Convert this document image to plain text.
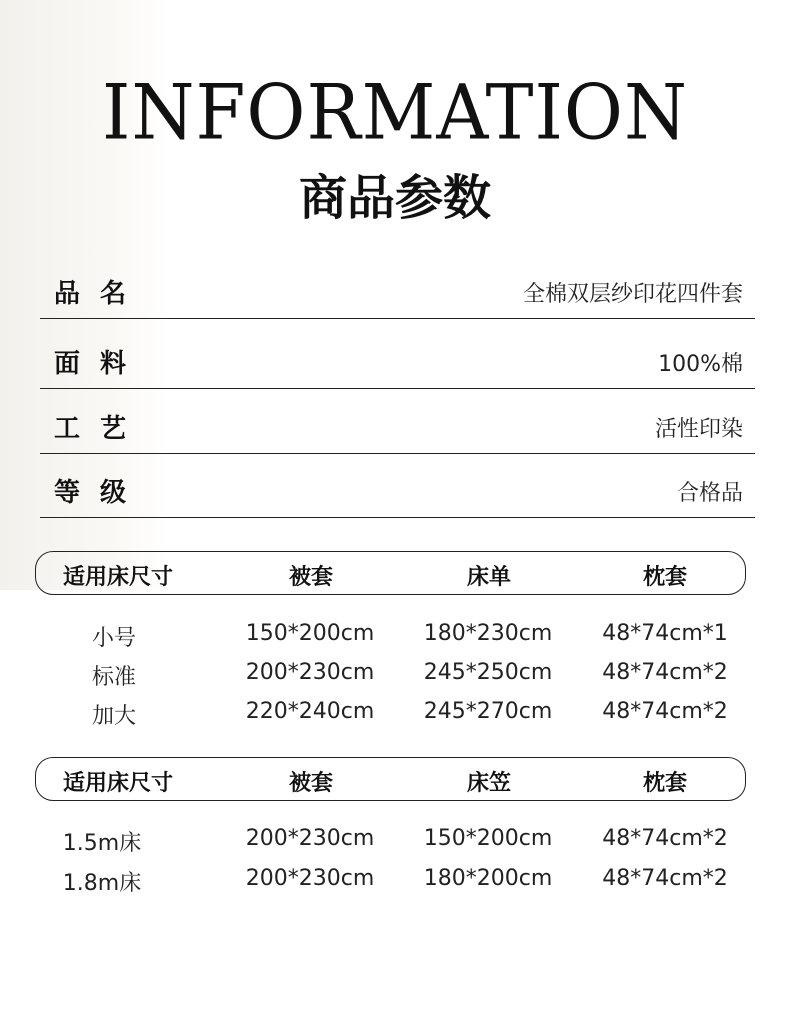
INFORMATION
商品参数
品名	全棉双层纱印花四件套
面料	100%棉
工艺	活性印染
等级	合格品
适用床尺寸	被套	床单	枕套
小号	150*200cm	180*230cm	48*74cm*1
标准	200*230cm	245*250cm	48*74cm*2
加大	220*240cm	245*270cm	48*74cm*2
适用床尺寸	被套	床笠	枕套
1.5m床	200*230cm	150*200cm	48*74cm*2
1.8m床	200*230cm	180*200cm	48*74cm*2
